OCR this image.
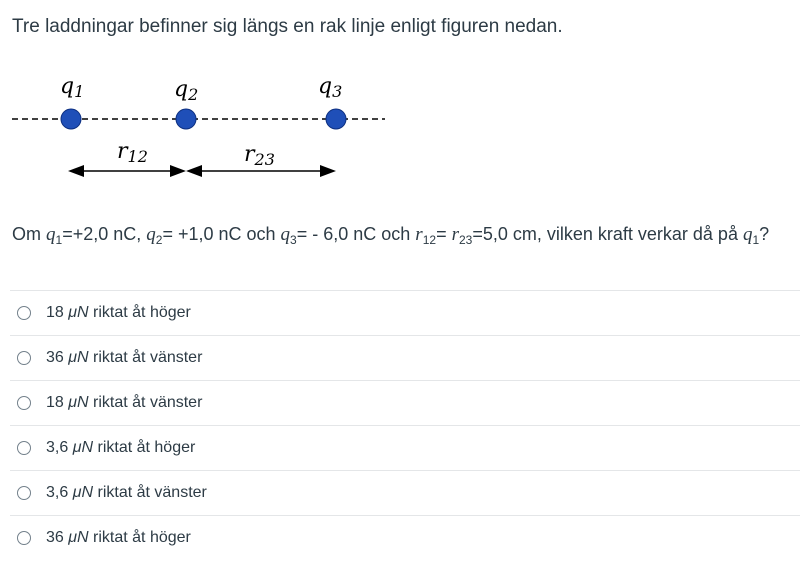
Tre laddningar befinner sig längs en rak linje enligt figuren nedan.
q1	q2	q3
r12	r23
Om $q_1=+2,0$ nC, $q_2= +1,0$ nC och $q_3= - 6,0$ nC och $r_{12}= r_{23}=5,0$ cm, vilken kraft verkar då på $q_1$?
18 μN riktat åt höger
36 μN riktat åt vänster
18 μN riktat åt vänster
3,6 μN riktat åt höger
3,6 μN riktat åt vänster
36 μN riktat åt höger
